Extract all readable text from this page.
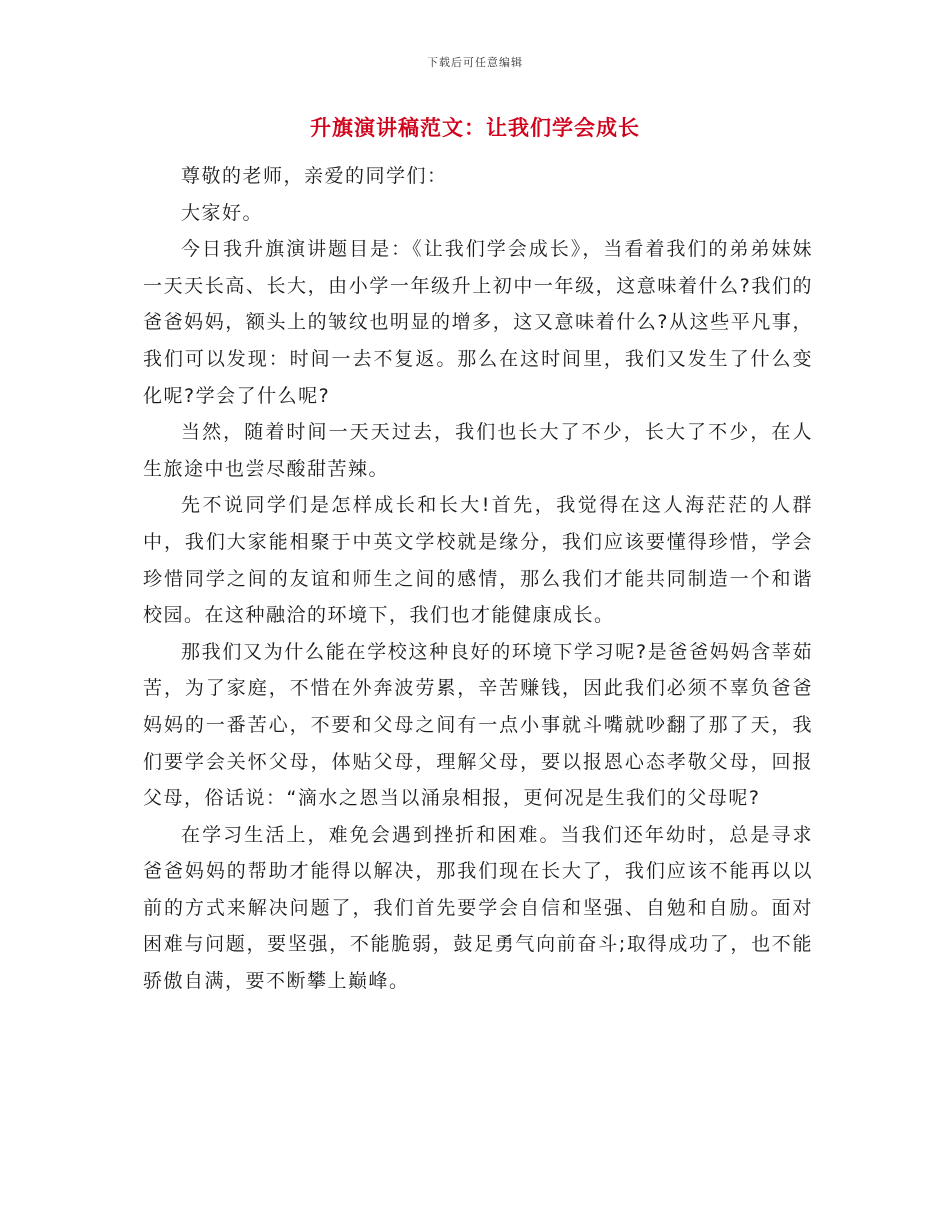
下载后可任意编辑
升旗演讲稿范文：让我们学会成长

尊敬的老师，亲爱的同学们：

大家好。

今日我升旗演讲题目是：《让我们学会成长》，当看着我们的弟弟妹妹一天天长高、长大，由小学一年级升上初中一年级，这意味着什么?我们的爸爸妈妈，额头上的皱纹也明显的增多，这又意味着什么?从这些平凡事，我们可以发现：时间一去不复返。那么在这时间里，我们又发生了什么变化呢?学会了什么呢?

当然，随着时间一天天过去，我们也长大了不少，长大了不少，在人生旅途中也尝尽酸甜苦辣。

先不说同学们是怎样成长和长大!首先，我觉得在这人海茫茫的人群中，我们大家能相聚于中英文学校就是缘分，我们应该要懂得珍惜，学会珍惜同学之间的友谊和师生之间的感情，那么我们才能共同制造一个和谐校园。在这种融洽的环境下，我们也才能健康成长。

那我们又为什么能在学校这种良好的环境下学习呢?是爸爸妈妈含莘茹苦，为了家庭，不惜在外奔波劳累，辛苦赚钱，因此我们必须不辜负爸爸妈妈的一番苦心，不要和父母之间有一点小事就斗嘴就吵翻了那了天，我们要学会关怀父母，体贴父母，理解父母，要以报恩心态孝敬父母，回报父母，俗话说：“滴水之恩当以涌泉相报，更何况是生我们的父母呢?

在学习生活上，难免会遇到挫折和困难。当我们还年幼时，总是寻求爸爸妈妈的帮助才能得以解决，那我们现在长大了，我们应该不能再以以前的方式来解决问题了，我们首先要学会自信和坚强、自勉和自励。面对困难与问题，要坚强，不能脆弱，鼓足勇气向前奋斗;取得成功了，也不能骄傲自满，要不断攀上巅峰。
